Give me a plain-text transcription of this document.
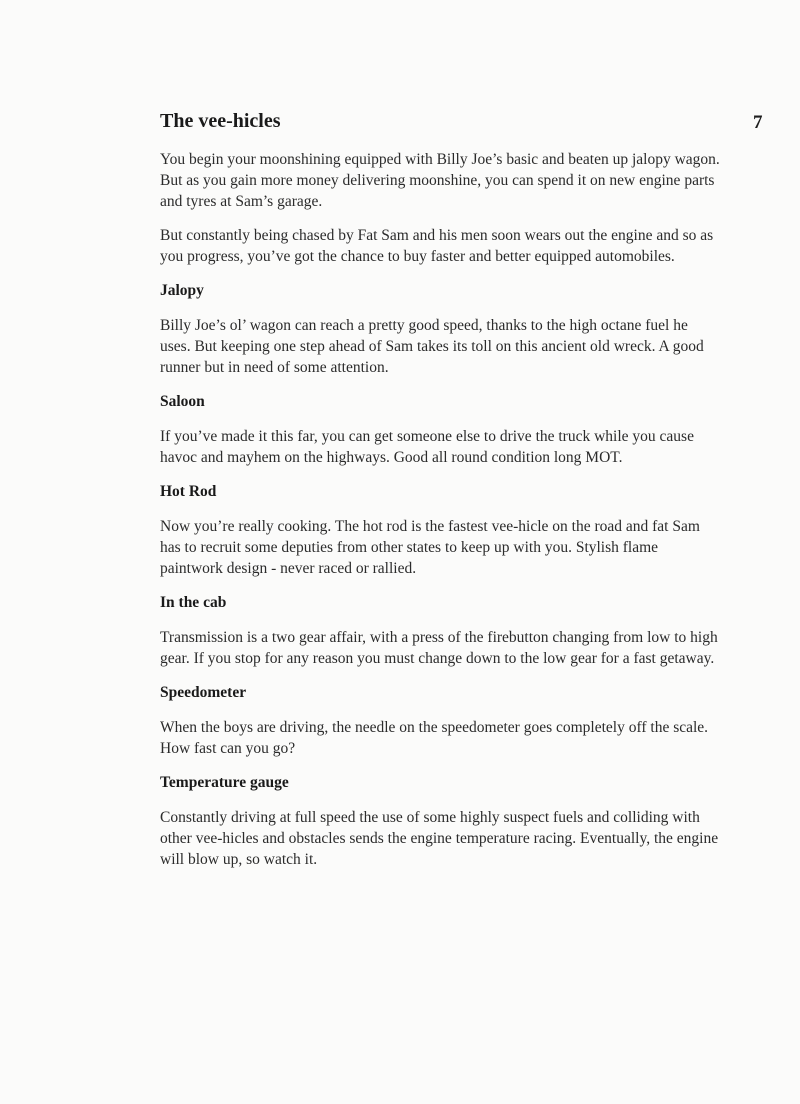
7
The vee-hicles

You begin your moonshining equipped with Billy Joe’s basic and beaten up jalopy wagon. But as you gain more money delivering moonshine, you can spend it on new engine parts and tyres at Sam’s garage.

But constantly being chased by Fat Sam and his men soon wears out the engine and so as you progress, you’ve got the chance to buy faster and better equipped automobiles.

Jalopy

Billy Joe’s ol’ wagon can reach a pretty good speed, thanks to the high octane fuel he uses. But keeping one step ahead of Sam takes its toll on this ancient old wreck. A good runner but in need of some attention.

Saloon

If you’ve made it this far, you can get someone else to drive the truck while you cause havoc and mayhem on the highways. Good all round condition long MOT.

Hot Rod

Now you’re really cooking. The hot rod is the fastest vee-hicle on the road and fat Sam has to recruit some deputies from other states to keep up with you. Stylish flame paintwork design - never raced or rallied.

In the cab

Transmission is a two gear affair, with a press of the firebutton changing from low to high gear. If you stop for any reason you must change down to the low gear for a fast getaway.

Speedometer

When the boys are driving, the needle on the speedometer goes completely off the scale. How fast can you go?

Temperature gauge

Constantly driving at full speed the use of some highly suspect fuels and colliding with other vee-hicles and obstacles sends the engine temperature racing. Eventually, the engine will blow up, so watch it.
